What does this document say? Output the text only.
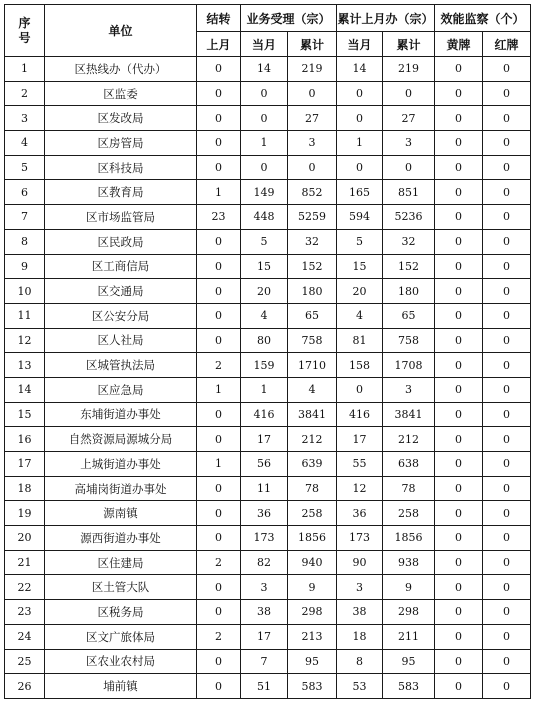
序号	单位	结转	业务受理（宗）		累计上月办（宗）		效能监察（个）	
		上月	当月	累计	当月	累计	黄牌	红牌
1	区热线办（代办）	0	14	219	14	219	0	0
2	区监委	0	0	0	0	0	0	0
3	区发改局	0	0	27	0	27	0	0
4	区房管局	0	1	3	1	3	0	0
5	区科技局	0	0	0	0	0	0	0
6	区教育局	1	149	852	165	851	0	0
7	区市场监管局	23	448	5259	594	5236	0	0
8	区民政局	0	5	32	5	32	0	0
9	区工商信局	0	15	152	15	152	0	0
10	区交通局	0	20	180	20	180	0	0
11	区公安分局	0	4	65	4	65	0	0
12	区人社局	0	80	758	81	758	0	0
13	区城管执法局	2	159	1710	158	1708	0	0
14	区应急局	1	1	4	0	3	0	0
15	东埔街道办事处	0	416	3841	416	3841	0	0
16	自然资源局源城分局	0	17	212	17	212	0	0
17	上城街道办事处	1	56	639	55	638	0	0
18	高埔岗街道办事处	0	11	78	12	78	0	0
19	源南镇	0	36	258	36	258	0	0
20	源西街道办事处	0	173	1856	173	1856	0	0
21	区住建局	2	82	940	90	938	0	0
22	区土管大队	0	3	9	3	9	0	0
23	区税务局	0	38	298	38	298	0	0
24	区文广旅体局	2	17	213	18	211	0	0
25	区农业农村局	0	7	95	8	95	0	0
26	埔前镇	0	51	583	53	583	0	0
